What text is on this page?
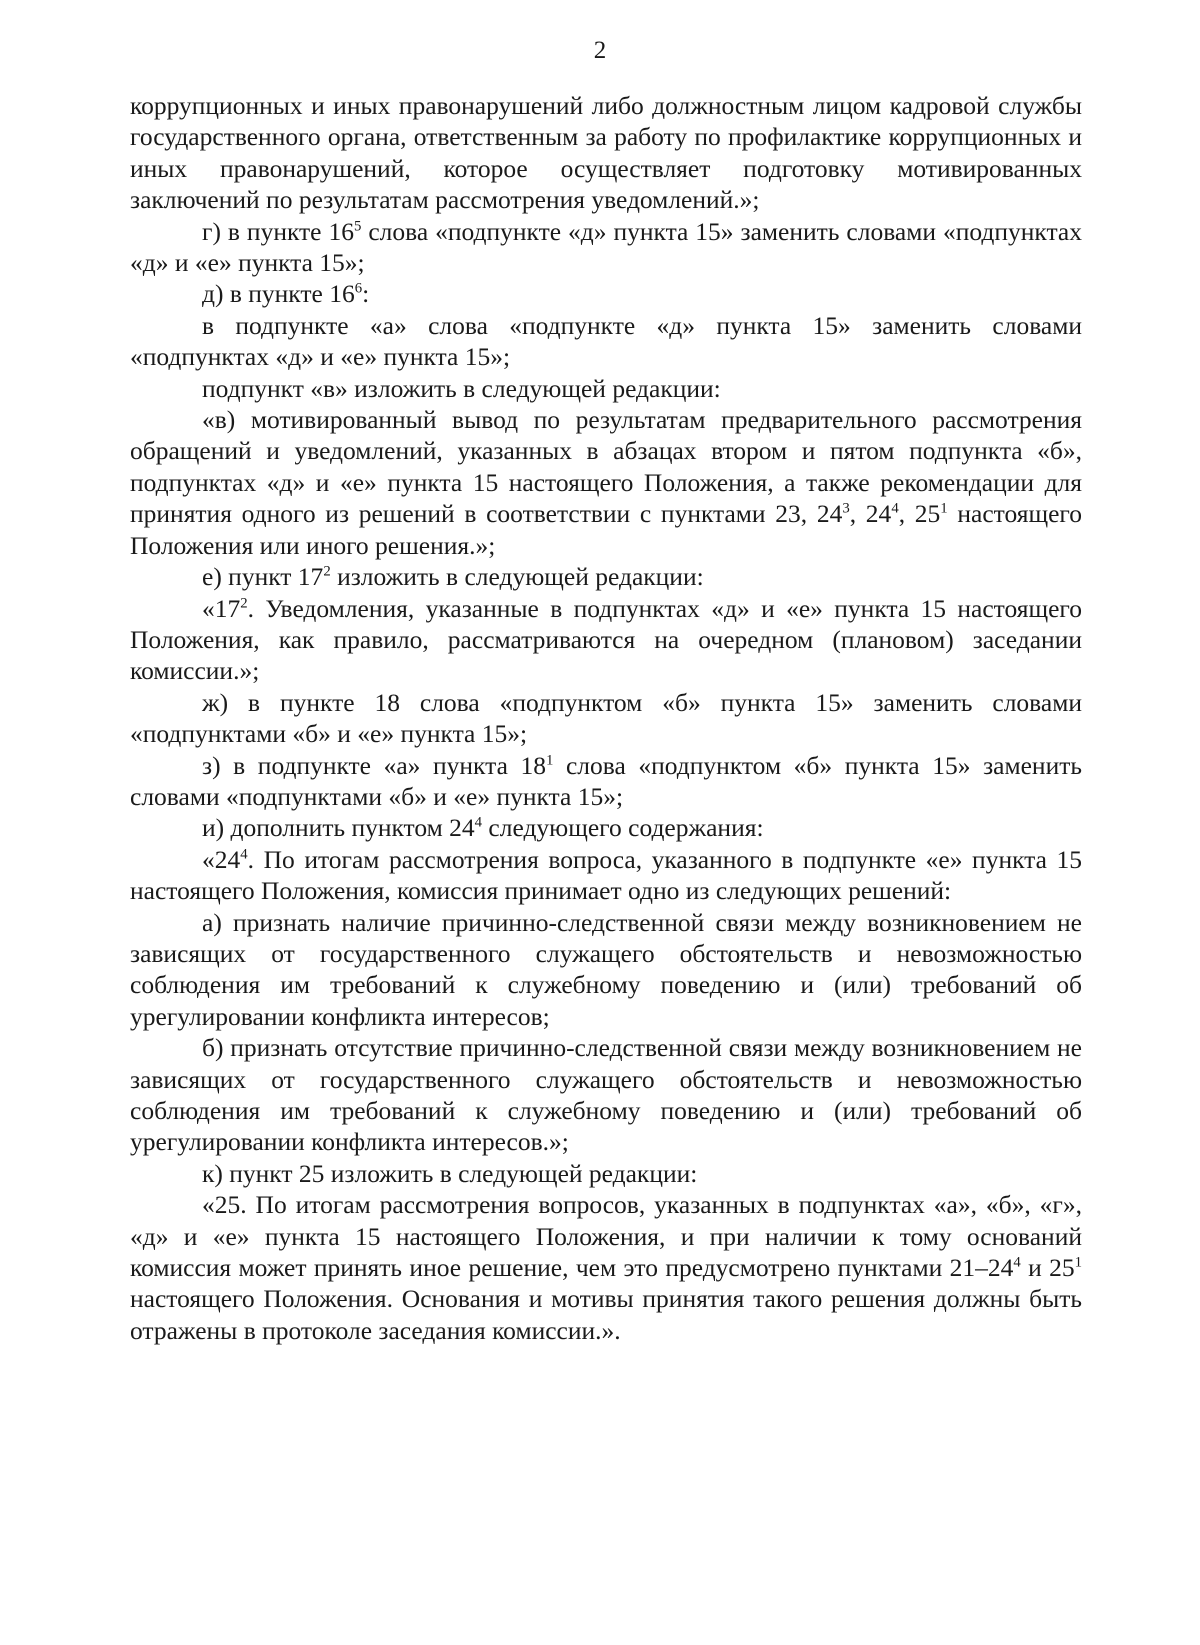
2

коррупционных и иных правонарушений либо должностным лицом кадровой службы государственного органа, ответственным за работу по профилактике коррупционных и иных правонарушений, которое осуществляет подготовку мотивированных заключений по результатам рассмотрения уведомлений.»;

г) в пункте $16^5$ слова «подпункте «д» пункта 15» заменить словами «подпунктах «д» и «е» пункта 15»;

д) в пункте $16^6$:

в подпункте «а» слова «подпункте «д» пункта 15» заменить словами «подпунктах «д» и «е» пункта 15»;

подпункт «в» изложить в следующей редакции:

«в) мотивированный вывод по результатам предварительного рассмотрения обращений и уведомлений, указанных в абзацах втором и пятом подпункта «б», подпунктах «д» и «е» пункта 15 настоящего Положения, а также рекомендации для принятия одного из решений в соответствии с пунктами 23, $24^3$, $24^4$, $25^1$ настоящего Положения или иного решения.»;

е) пункт $17^2$ изложить в следующей редакции:

«$17^2$. Уведомления, указанные в подпунктах «д» и «е» пункта 15 настоящего Положения, как правило, рассматриваются на очередном (плановом) заседании комиссии.»;

ж) в пункте 18 слова «подпунктом «б» пункта 15» заменить словами «подпунктами «б» и «е» пункта 15»;

з) в подпункте «а» пункта $18^1$ слова «подпунктом «б» пункта 15» заменить словами «подпунктами «б» и «е» пункта 15»;

и) дополнить пунктом $24^4$ следующего содержания:

«$24^4$. По итогам рассмотрения вопроса, указанного в подпункте «е» пункта 15 настоящего Положения, комиссия принимает одно из следующих решений:

а) признать наличие причинно-следственной связи между возникновением не зависящих от государственного служащего обстоятельств и невозможностью соблюдения им требований к служебному поведению и (или) требований об урегулировании конфликта интересов;

б) признать отсутствие причинно-следственной связи между возникновением не зависящих от государственного служащего обстоятельств и невозможностью соблюдения им требований к служебному поведению и (или) требований об урегулировании конфликта интересов.»;

к) пункт 25 изложить в следующей редакции:

«25. По итогам рассмотрения вопросов, указанных в подпунктах «а», «б», «г», «д» и «е» пункта 15 настоящего Положения, и при наличии к тому оснований комиссия может принять иное решение, чем это предусмотрено пунктами $21-24^4$ и $25^1$ настоящего Положения. Основания и мотивы принятия такого решения должны быть отражены в протоколе заседания комиссии.».
